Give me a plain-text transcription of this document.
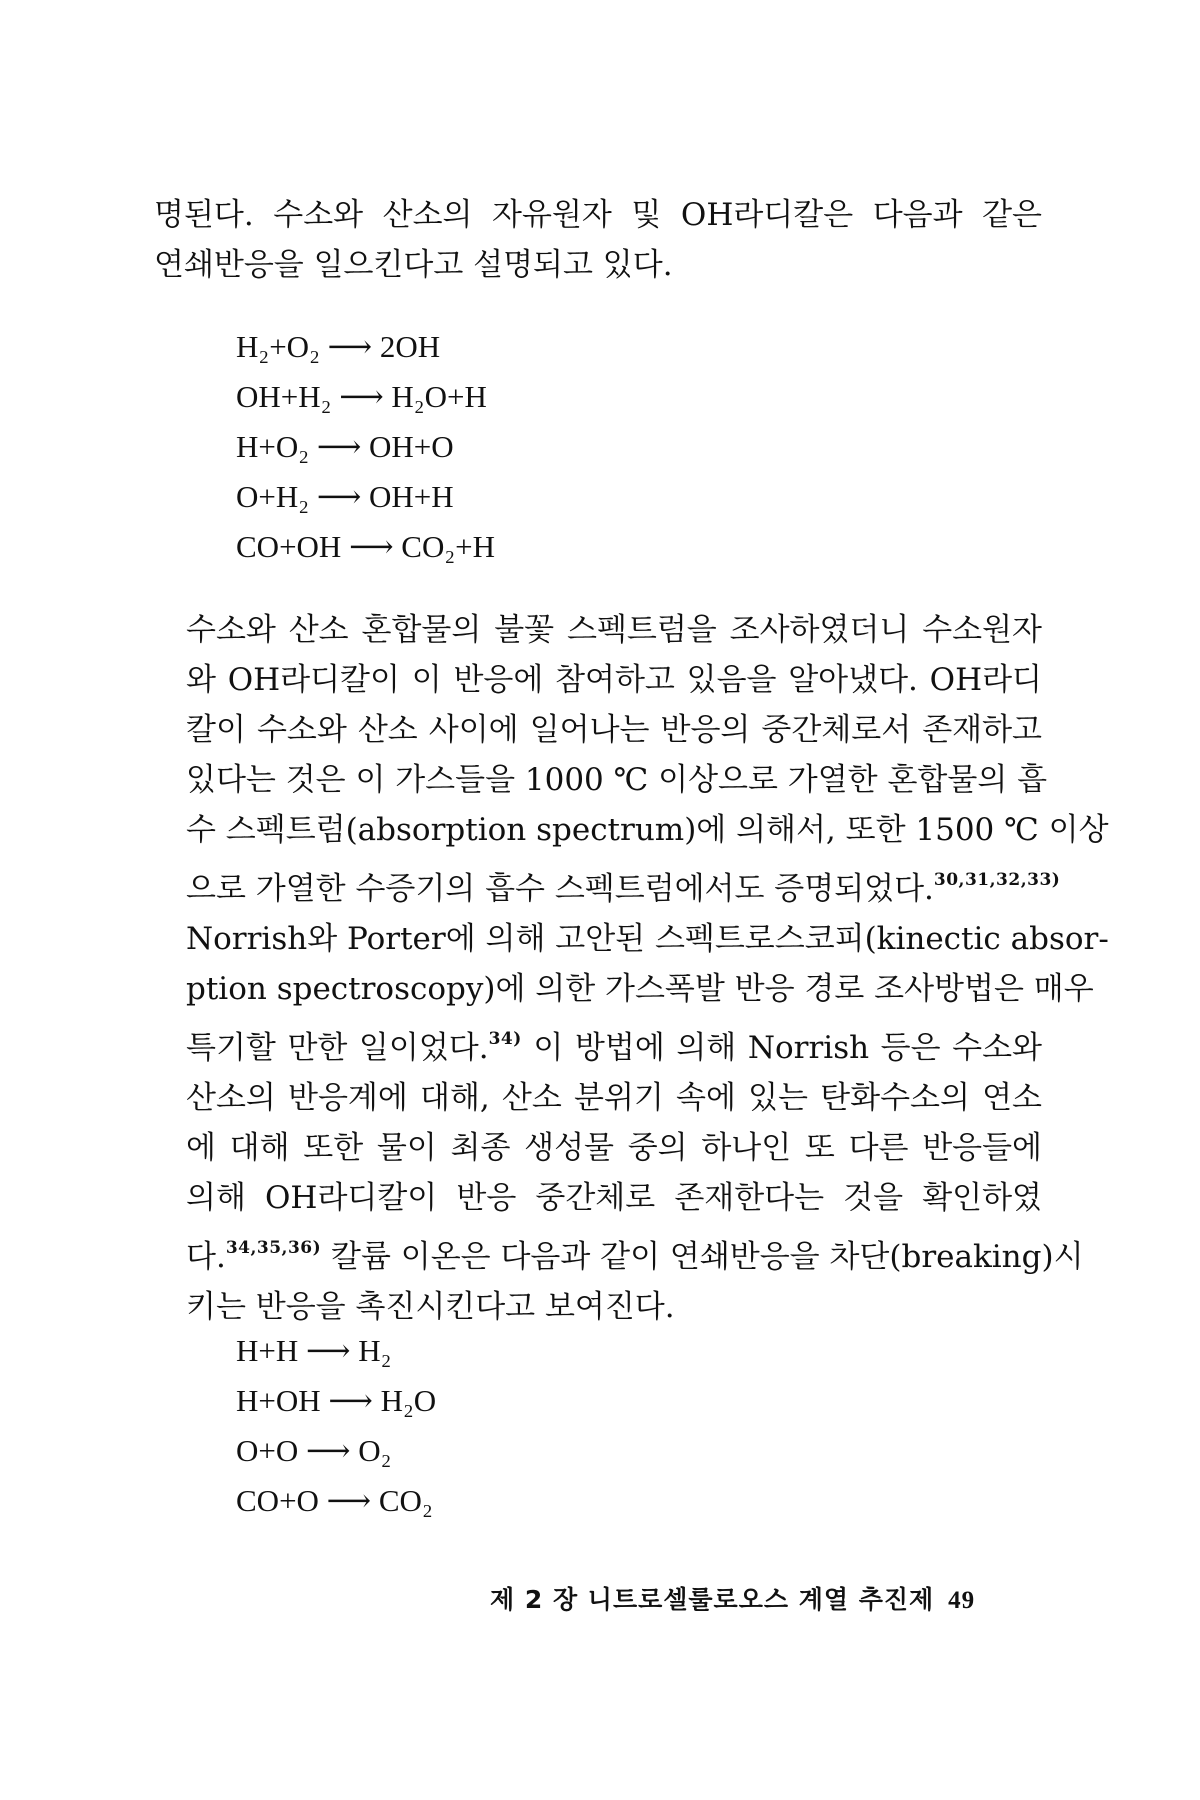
명된다. 수소와 산소의 자유원자 및 OH라디칼은 다음과 같은
연쇄반응을 일으킨다고 설명되고 있다.
H₂+O₂ ⟶ 2OH
OH+H₂ ⟶ H₂O+H
H+O₂ ⟶ OH+O
O+H₂ ⟶ OH+H
CO+OH ⟶ CO₂+H
수소와 산소 혼합물의 불꽃 스펙트럼을 조사하였더니 수소원자
와 OH라디칼이 이 반응에 참여하고 있음을 알아냈다. OH라디
칼이 수소와 산소 사이에 일어나는 반응의 중간체로서 존재하고
있다는 것은 이 가스들을 1000 ℃ 이상으로 가열한 혼합물의 흡
수 스펙트럼(absorption spectrum)에 의해서, 또한 1500 ℃ 이상
으로 가열한 수증기의 흡수 스펙트럼에서도 증명되었다.$^{30,31,32,33)}$
Norrish와 Porter에 의해 고안된 스펙트로스코피(kinectic absor-
ption spectroscopy)에 의한 가스폭발 반응 경로 조사방법은 매우
특기할 만한 일이었다.$^{34)}$ 이 방법에 의해 Norrish 등은 수소와
산소의 반응계에 대해, 산소 분위기 속에 있는 탄화수소의 연소
에 대해 또한 물이 최종 생성물 중의 하나인 또 다른 반응들에
의해 OH라디칼이 반응 중간체로 존재한다는 것을 확인하였
다.$^{34,35,36)}$ 칼륨 이온은 다음과 같이 연쇄반응을 차단(breaking)시
키는 반응을 촉진시킨다고 보여진다.
H+H ⟶ H₂
H+OH ⟶ H₂O
O+O ⟶ O₂
CO+O ⟶ CO₂
제 2 장 니트로셀룰로오스 계열 추진제 49
